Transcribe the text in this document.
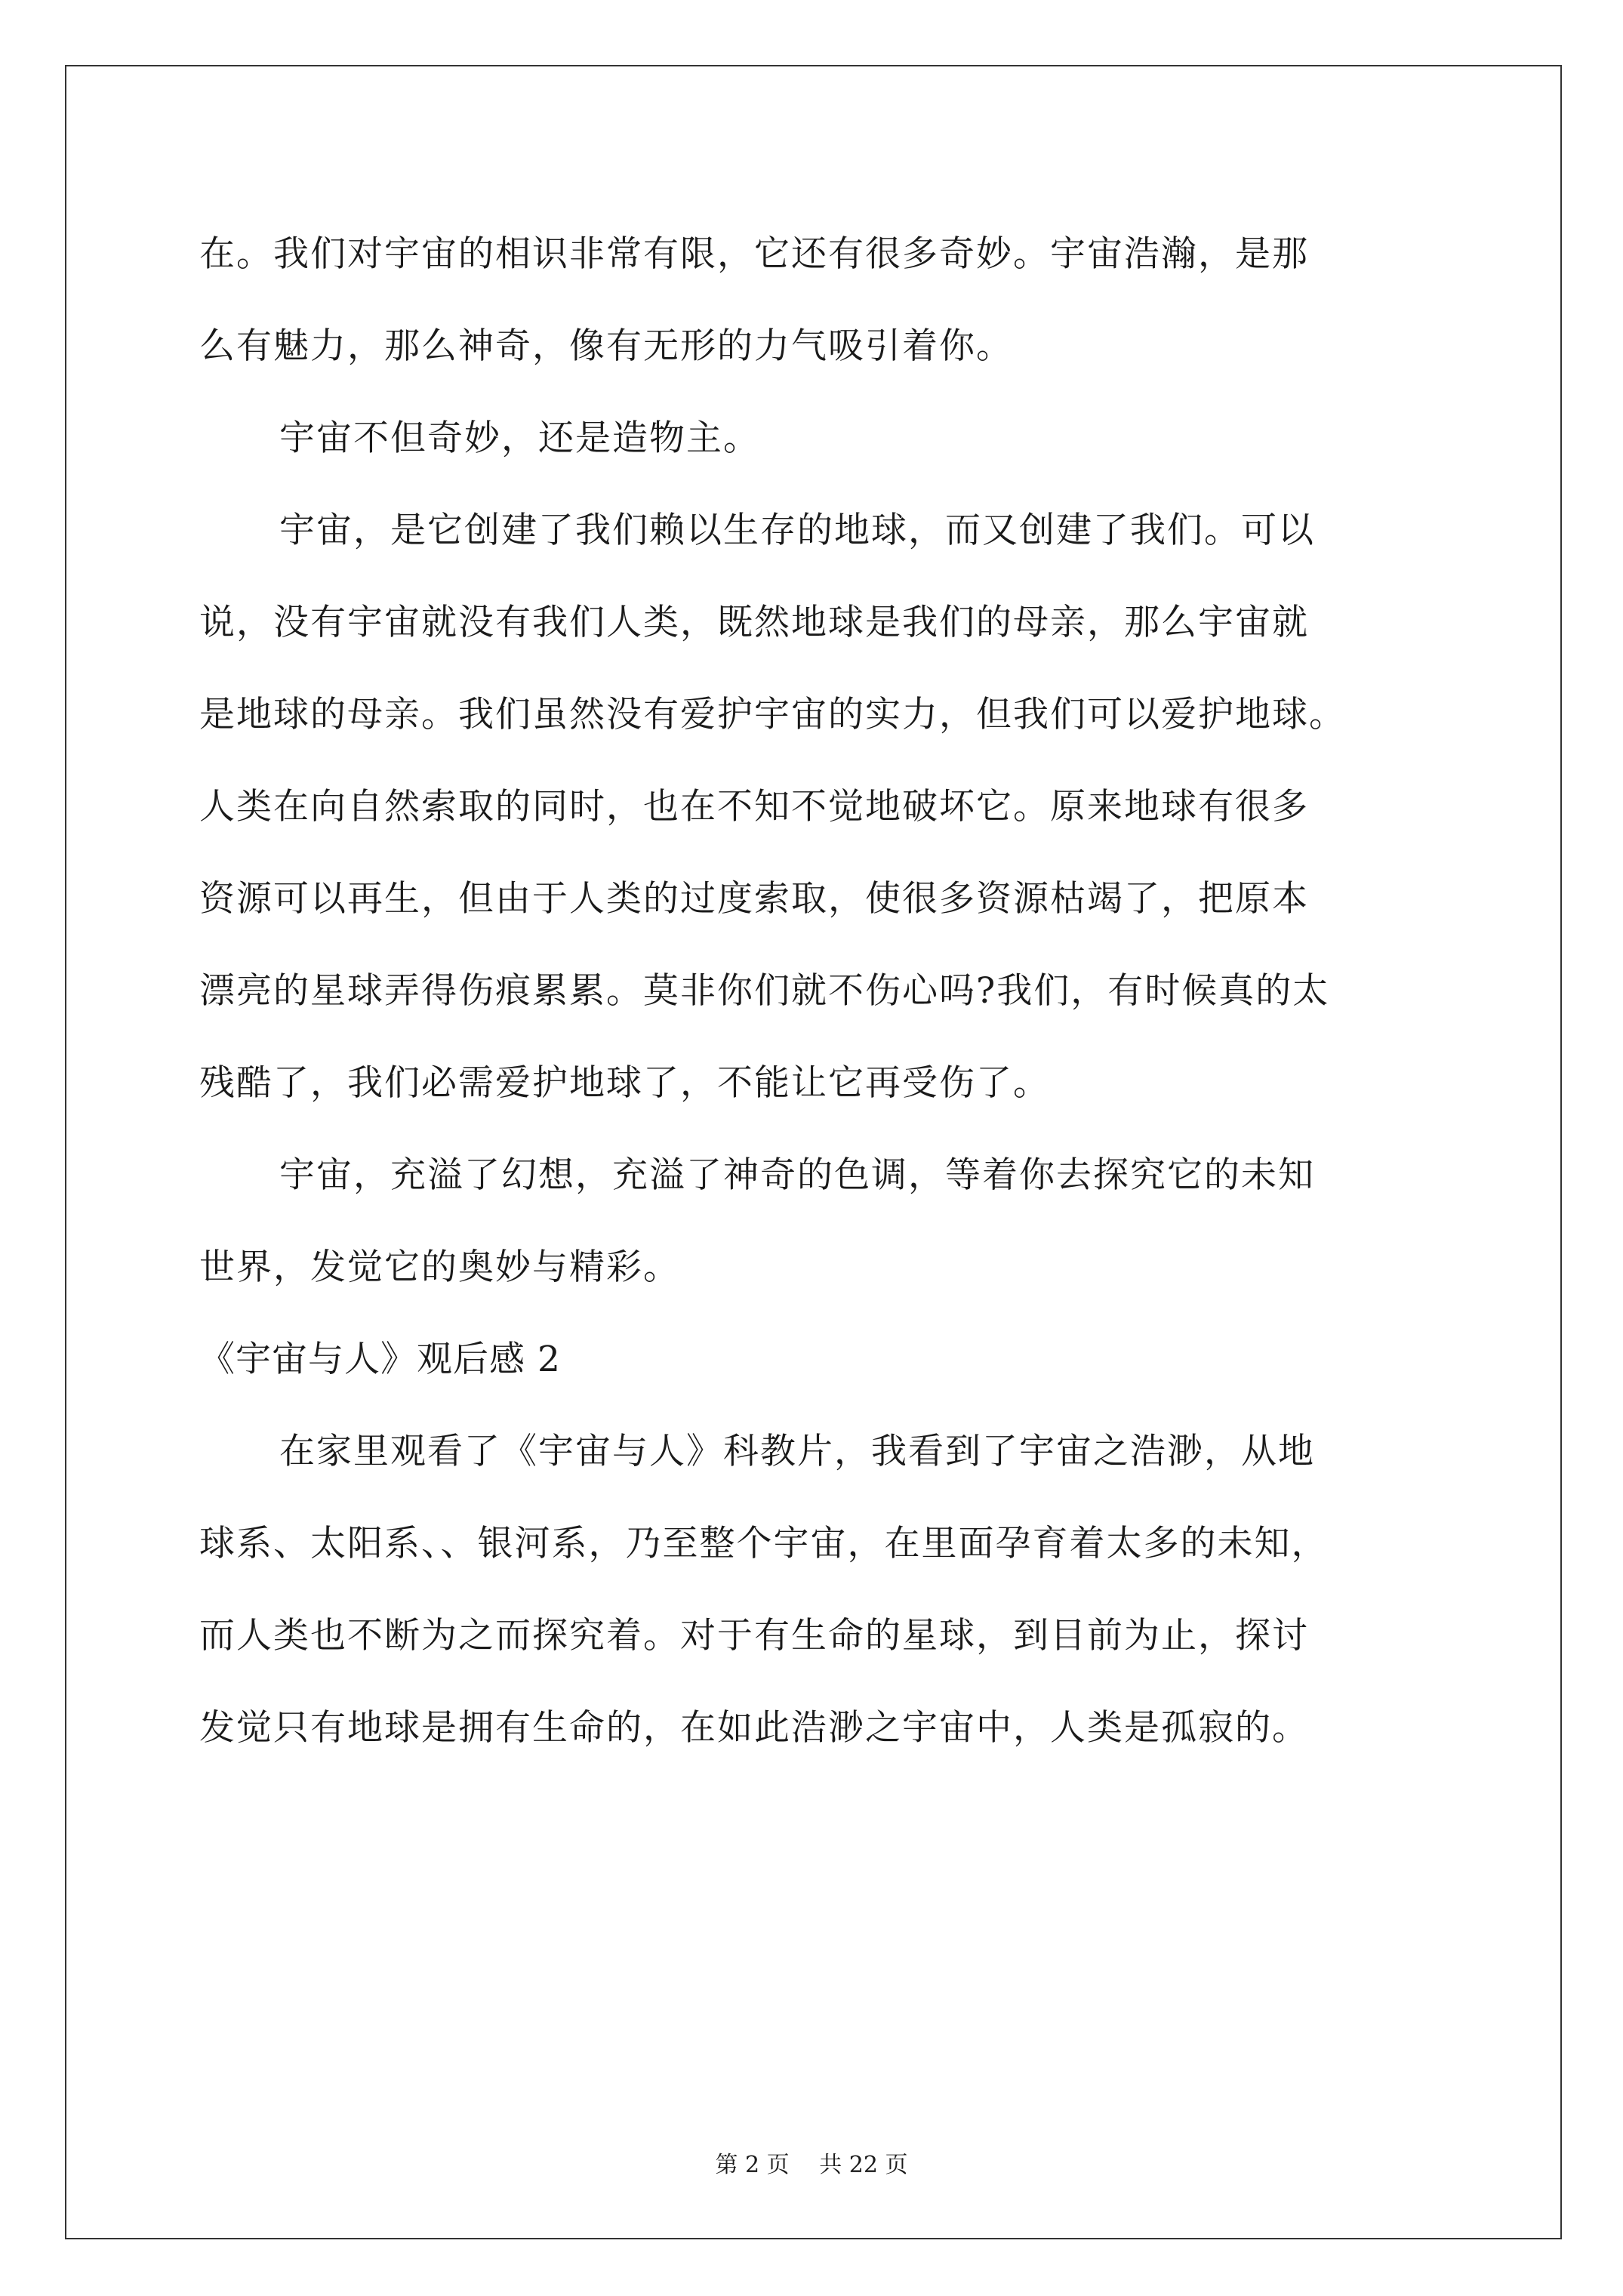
在。我们对宇宙的相识非常有限，它还有很多奇妙。宇宙浩瀚，是那
么有魅力，那么神奇，像有无形的力气吸引着你。
宇宙不但奇妙，还是造物主。
宇宙，是它创建了我们赖以生存的地球，而又创建了我们。可以
说，没有宇宙就没有我们人类，既然地球是我们的母亲，那么宇宙就
是地球的母亲。我们虽然没有爱护宇宙的实力，但我们可以爱护地球。
人类在向自然索取的同时，也在不知不觉地破坏它。原来地球有很多
资源可以再生，但由于人类的过度索取，使很多资源枯竭了，把原本
漂亮的星球弄得伤痕累累。莫非你们就不伤心吗?我们，有时候真的太
残酷了，我们必需爱护地球了，不能让它再受伤了。
宇宙，充溢了幻想，充溢了神奇的色调，等着你去探究它的未知
世界，发觉它的奥妙与精彩。
《宇宙与人》观后感 2
在家里观看了《宇宙与人》科教片，我看到了宇宙之浩渺，从地
球系、太阳系、、银河系，乃至整个宇宙，在里面孕育着太多的未知，
而人类也不断为之而探究着。对于有生命的星球，到目前为止，探讨
发觉只有地球是拥有生命的，在如此浩渺之宇宙中，人类是孤寂的。
第 2 页　 共 22 页
